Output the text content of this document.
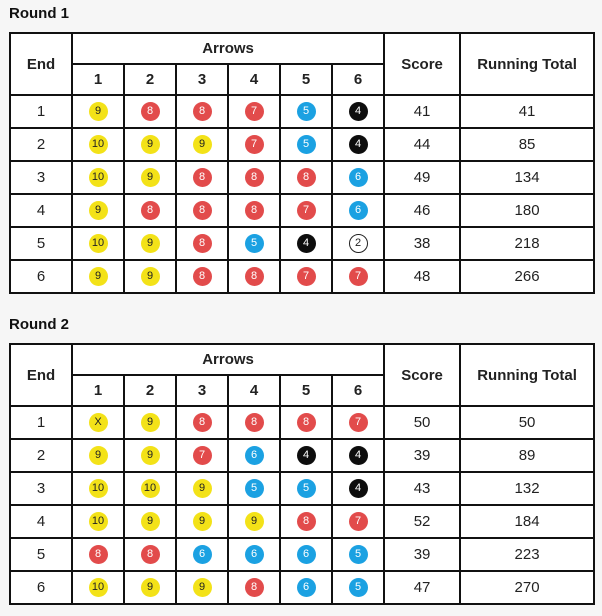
Round 1
End	Arrows						Score	Running Total
	1	2	3	4	5	6		
1	9	8	8	7	5	4	41	41
2	10	9	9	7	5	4	44	85
3	10	9	8	8	8	6	49	134
4	9	8	8	8	7	6	46	180
5	10	9	8	5	4	2	38	218
6	9	9	8	8	7	7	48	266
Round 2
End	Arrows						Score	Running Total
	1	2	3	4	5	6		
1	X	9	8	8	8	7	50	50
2	9	9	7	6	4	4	39	89
3	10	10	9	5	5	4	43	132
4	10	9	9	9	8	7	52	184
5	8	8	6	6	6	5	39	223
6	10	9	9	8	6	5	47	270
